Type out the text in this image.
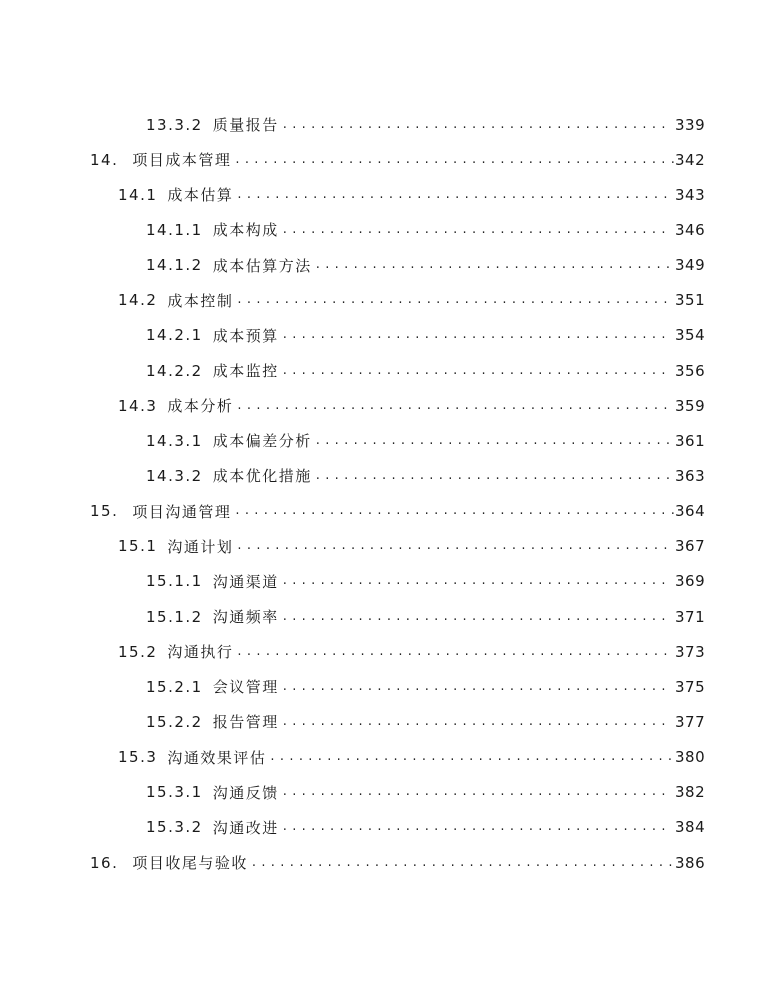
13.3.2 质量报告 . . .	339
14. 项目成本管理 . . .	342
14.1 成本估算 . . .	343
14.1.1 成本构成 . . .	346
14.1.2 成本估算方法 . . .	349
14.2 成本控制 . . .	351
14.2.1 成本预算 . . .	354
14.2.2 成本监控 . . .	356
14.3 成本分析 . . .	359
14.3.1 成本偏差分析 . . .	361
14.3.2 成本优化措施 . . .	363
15. 项目沟通管理 . . .	364
15.1 沟通计划 . . .	367
15.1.1 沟通渠道 . . .	369
15.1.2 沟通频率 . . .	371
15.2 沟通执行 . . .	373
15.2.1 会议管理 . . .	375
15.2.2 报告管理 . . .	377
15.3 沟通效果评估 . . .	380
15.3.1 沟通反馈 . . .	382
15.3.2 沟通改进 . . .	384
16. 项目收尾与验收 . . .	386
